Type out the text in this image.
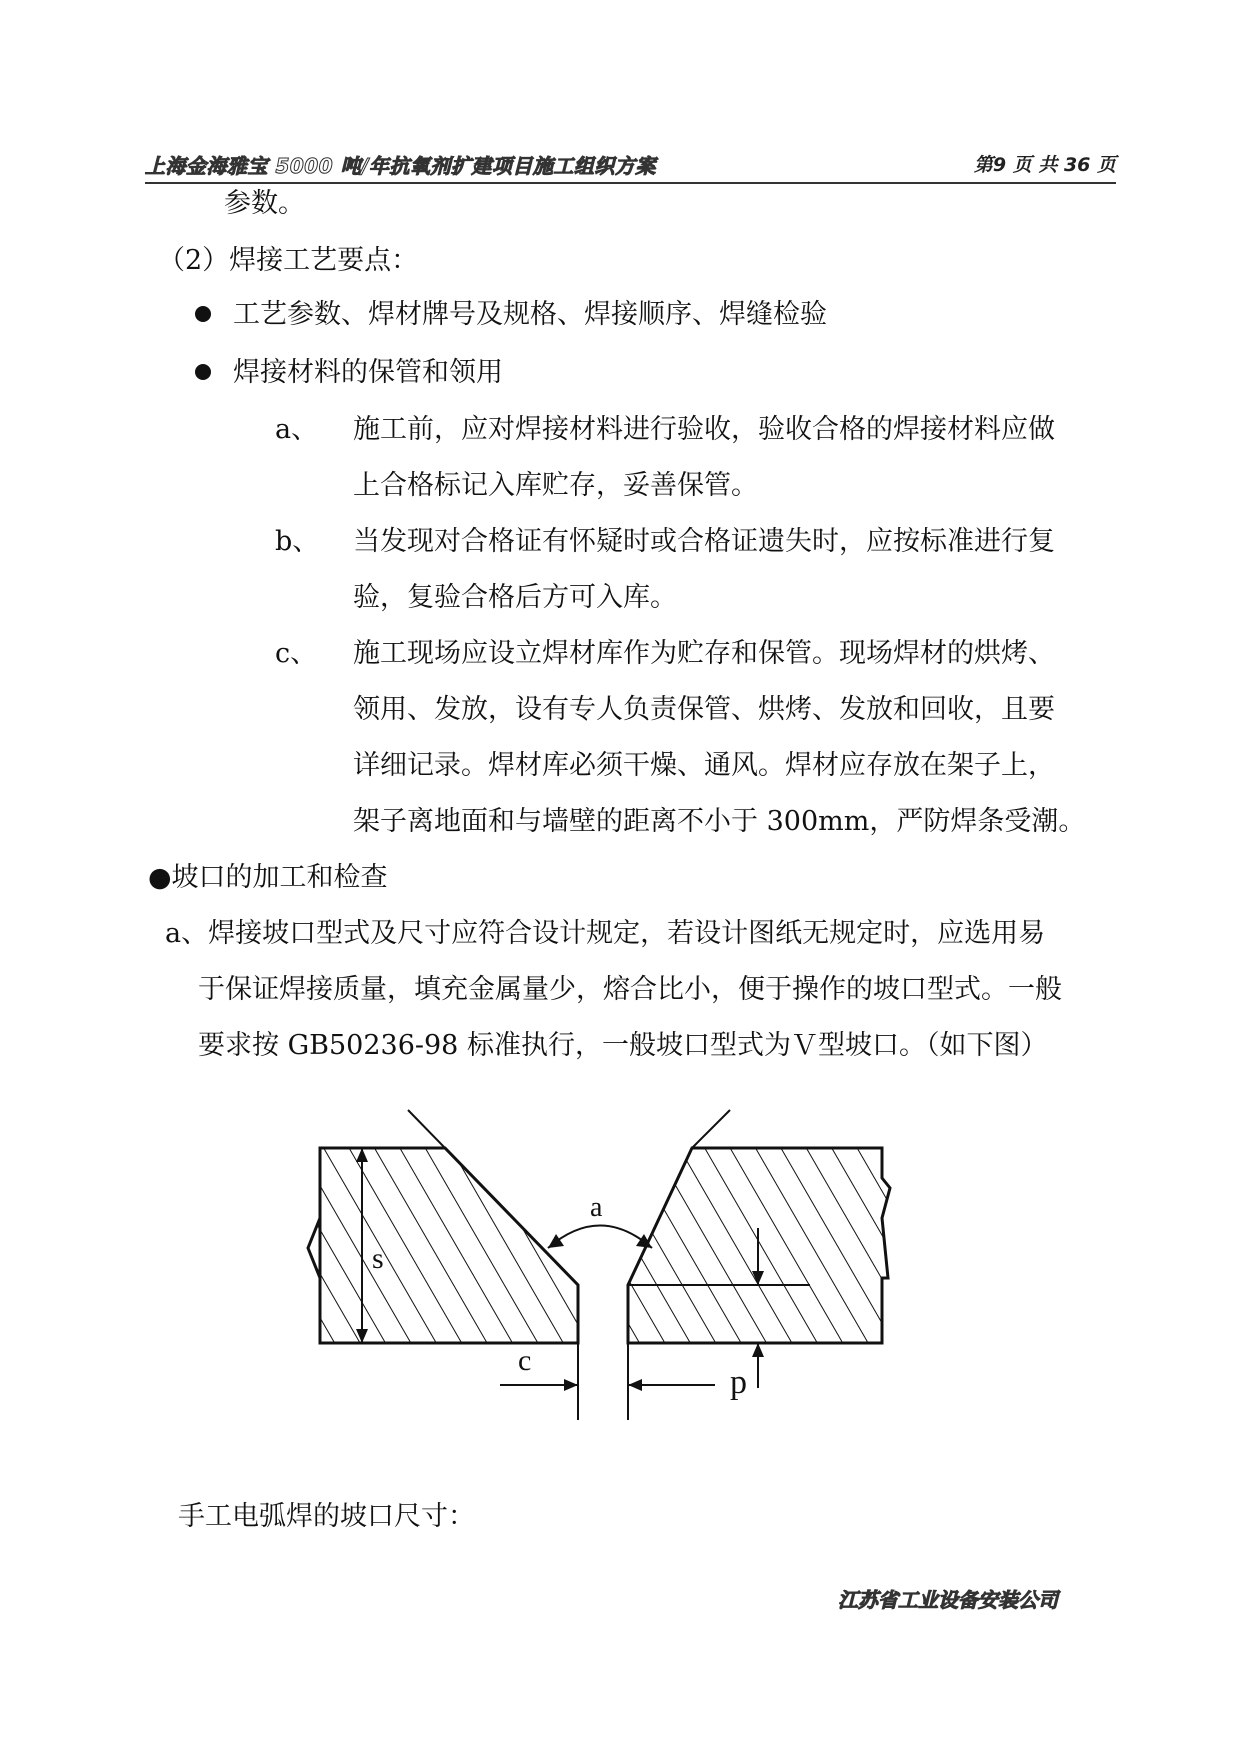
上海金海雅宝 5000 吨/年抗氧剂扩建项目施工组织方案	第9 页 共 36 页
参数。
（2）焊接工艺要点：
工艺参数、焊材牌号及规格、焊接顺序、焊缝检验
焊接材料的保管和领用
a、 施工前，应对焊接材料进行验收，验收合格的焊接材料应做
上合格标记入库贮存，妥善保管。
b、 当发现对合格证有怀疑时或合格证遗失时，应按标准进行复
验，复验合格后方可入库。
c、 施工现场应设立焊材库作为贮存和保管。现场焊材的烘烤、
领用、发放，设有专人负责保管、烘烤、发放和回收，且要
详细记录。焊材库必须干燥、通风。焊材应存放在架子上，
架子离地面和与墙壁的距离不小于 300mm，严防焊条受潮。
●坡口的加工和检查
a、焊接坡口型式及尺寸应符合设计规定，若设计图纸无规定时，应选用易
于保证焊接质量，填充金属量少，熔合比小，便于操作的坡口型式。一般
要求按 GB50236-98 标准执行，一般坡口型式为Ｖ型坡口。（如下图）
s
a
p
c
手工电弧焊的坡口尺寸：
江苏省工业设备安装公司
